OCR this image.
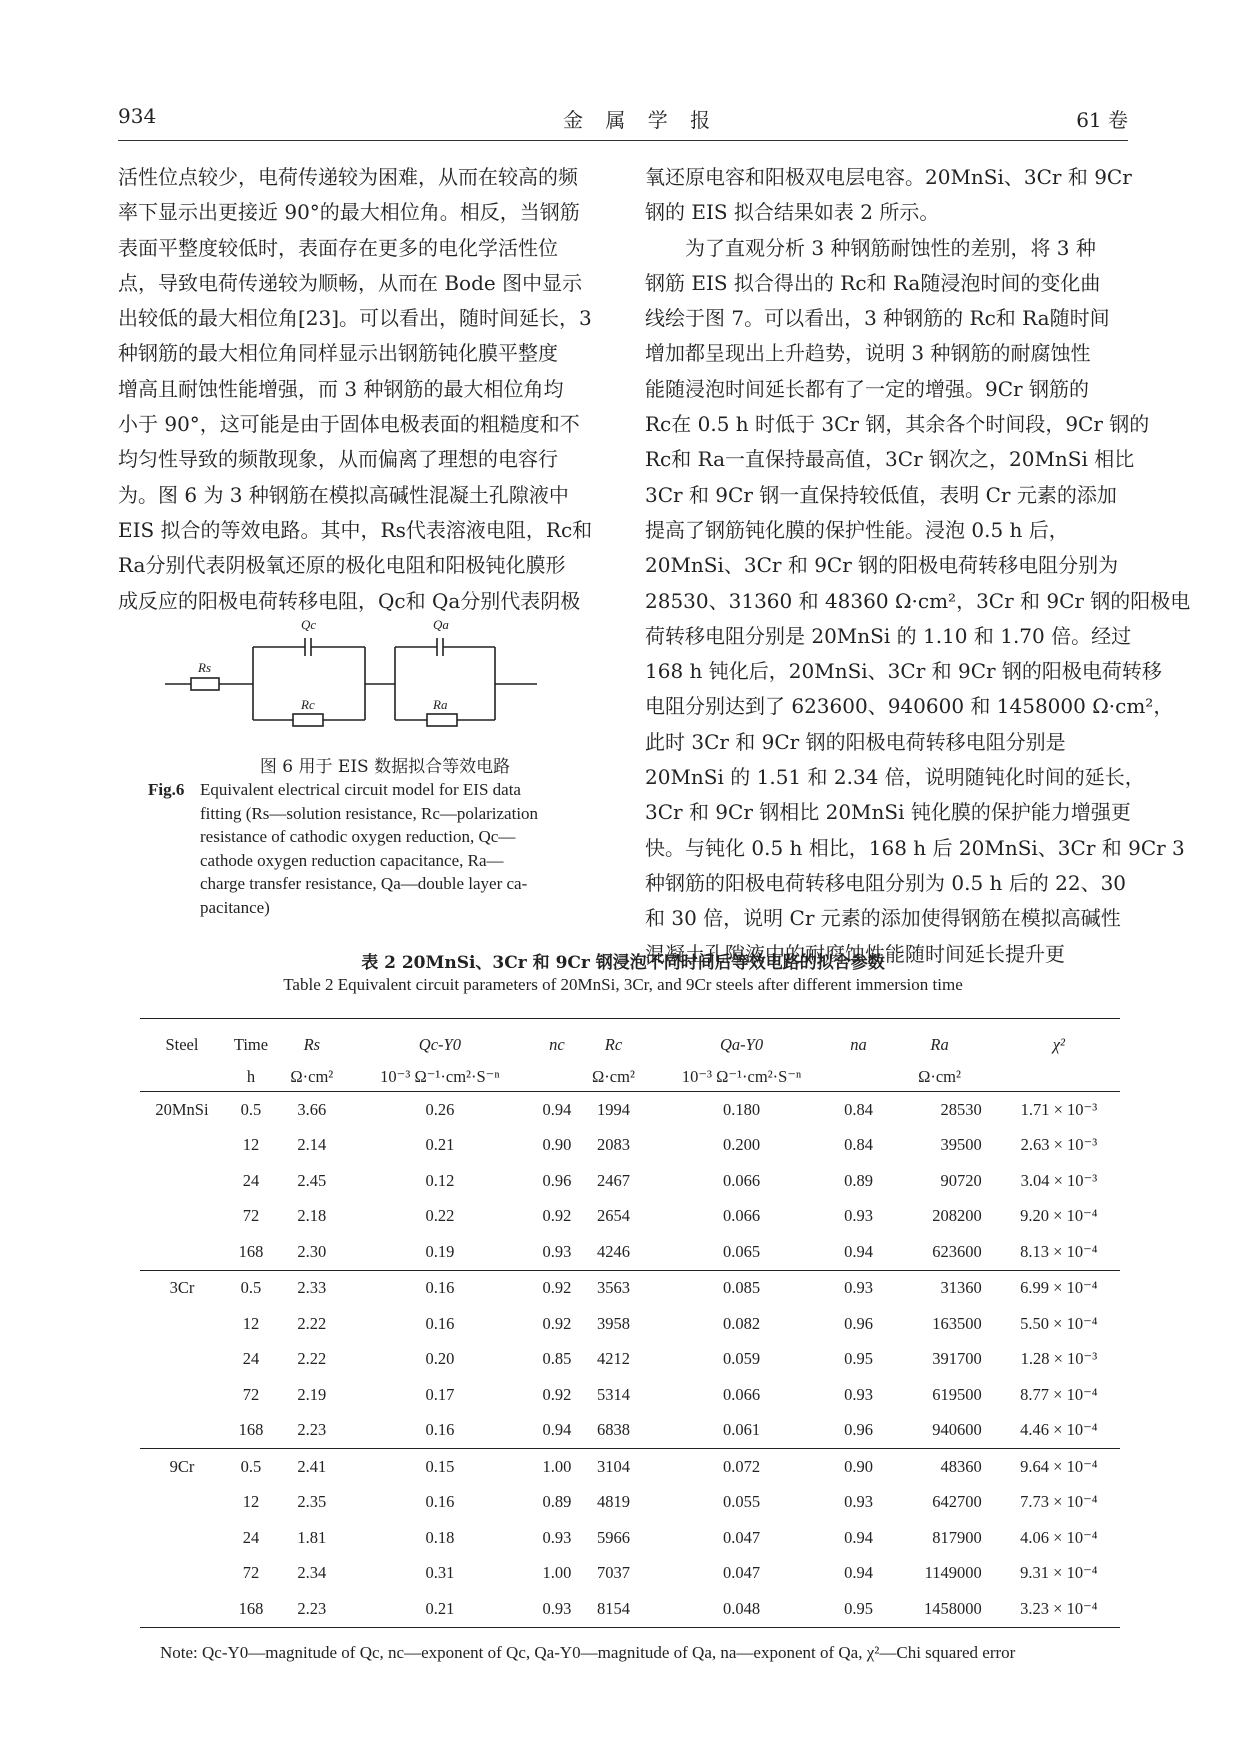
934	金 属 学 报	61 卷
活性位点较少，电荷传递较为困难，从而在较高的频
率下显示出更接近 90°的最大相位角。相反，当钢筋
表面平整度较低时，表面存在更多的电化学活性位
点，导致电荷传递较为顺畅，从而在 Bode 图中显示
出较低的最大相位角[23]。可以看出，随时间延长，3
种钢筋的最大相位角同样显示出钢筋钝化膜平整度
增高且耐蚀性能增强，而 3 种钢筋的最大相位角均
小于 90°，这可能是由于固体电极表面的粗糙度和不
均匀性导致的频散现象，从而偏离了理想的电容行
为。图 6 为 3 种钢筋在模拟高碱性混凝土孔隙液中
EIS 拟合的等效电路。其中，Rs代表溶液电阻，Rc和
Ra分别代表阴极氧还原的极化电阻和阳极钝化膜形
成反应的阳极电荷转移电阻，Qc和 Qa分别代表阴极
氧还原电容和阳极双电层电容。20MnSi、3Cr 和 9Cr
钢的 EIS 拟合结果如表 2 所示。
　　为了直观分析 3 种钢筋耐蚀性的差别，将 3 种
钢筋 EIS 拟合得出的 Rc和 Ra随浸泡时间的变化曲
线绘于图 7。可以看出，3 种钢筋的 Rc和 Ra随时间
增加都呈现出上升趋势，说明 3 种钢筋的耐腐蚀性
能随浸泡时间延长都有了一定的增强。9Cr 钢筋的
Rc在 0.5 h 时低于 3Cr 钢，其余各个时间段，9Cr 钢的
Rc和 Ra一直保持最高值，3Cr 钢次之，20MnSi 相比
3Cr 和 9Cr 钢一直保持较低值，表明 Cr 元素的添加
提高了钢筋钝化膜的保护性能。浸泡 0.5 h 后，
20MnSi、3Cr 和 9Cr 钢的阳极电荷转移电阻分别为
28530、31360 和 48360 Ω·cm²，3Cr 和 9Cr 钢的阳极电
荷转移电阻分别是 20MnSi 的 1.10 和 1.70 倍。经过
168 h 钝化后，20MnSi、3Cr 和 9Cr 钢的阳极电荷转移
电阻分别达到了 623600、940600 和 1458000 Ω·cm²，
此时 3Cr 和 9Cr 钢的阳极电荷转移电阻分别是
20MnSi 的 1.51 和 2.34 倍，说明随钝化时间的延长，
3Cr 和 9Cr 钢相比 20MnSi 钝化膜的保护能力增强更
快。与钝化 0.5 h 相比，168 h 后 20MnSi、3Cr 和 9Cr 3
种钢筋的阳极电荷转移电阻分别为 0.5 h 后的 22、30
和 30 倍，说明 Cr 元素的添加使得钢筋在模拟高碱性
混凝土孔隙液中的耐腐蚀性能随时间延长提升更
Rs
Qc
Rc
Qa
Ra
图 6 用于 EIS 数据拟合等效电路
Fig.6 Equivalent electrical circuit model for EIS data
fitting (Rs—solution resistance, Rc—polarization
resistance of cathodic oxygen reduction, Qc—
cathode oxygen reduction capacitance, Ra—
charge transfer resistance, Qa—double layer ca-
pacitance)
表 2 20MnSi、3Cr 和 9Cr 钢浸泡不同时间后等效电路的拟合参数
Table 2 Equivalent circuit parameters of 20MnSi, 3Cr, and 9Cr steels after different immersion time
Steel	Time	Rs	Qc-Y0	nc	Rc	Qa-Y0	na	Ra	χ²
	h	Ω·cm²	10⁻³ Ω⁻¹·cm²·S⁻ⁿ		Ω·cm²	10⁻³ Ω⁻¹·cm²·S⁻ⁿ		Ω·cm²	
20MnSi	0.5	3.66	0.26	0.94	1994	0.180	0.84	28530	1.71 × 10⁻³
	12	2.14	0.21	0.90	2083	0.200	0.84	39500	2.63 × 10⁻³
	24	2.45	0.12	0.96	2467	0.066	0.89	90720	3.04 × 10⁻³
	72	2.18	0.22	0.92	2654	0.066	0.93	208200	9.20 × 10⁻⁴
	168	2.30	0.19	0.93	4246	0.065	0.94	623600	8.13 × 10⁻⁴
3Cr	0.5	2.33	0.16	0.92	3563	0.085	0.93	31360	6.99 × 10⁻⁴
	12	2.22	0.16	0.92	3958	0.082	0.96	163500	5.50 × 10⁻⁴
	24	2.22	0.20	0.85	4212	0.059	0.95	391700	1.28 × 10⁻³
	72	2.19	0.17	0.92	5314	0.066	0.93	619500	8.77 × 10⁻⁴
	168	2.23	0.16	0.94	6838	0.061	0.96	940600	4.46 × 10⁻⁴
9Cr	0.5	2.41	0.15	1.00	3104	0.072	0.90	48360	9.64 × 10⁻⁴
	12	2.35	0.16	0.89	4819	0.055	0.93	642700	7.73 × 10⁻⁴
	24	1.81	0.18	0.93	5966	0.047	0.94	817900	4.06 × 10⁻⁴
	72	2.34	0.31	1.00	7037	0.047	0.94	1149000	9.31 × 10⁻⁴
	168	2.23	0.21	0.93	8154	0.048	0.95	1458000	3.23 × 10⁻⁴
Note: Qc-Y0—magnitude of Qc, nc—exponent of Qc, Qa-Y0—magnitude of Qa, na—exponent of Qa, χ²—Chi squared error
